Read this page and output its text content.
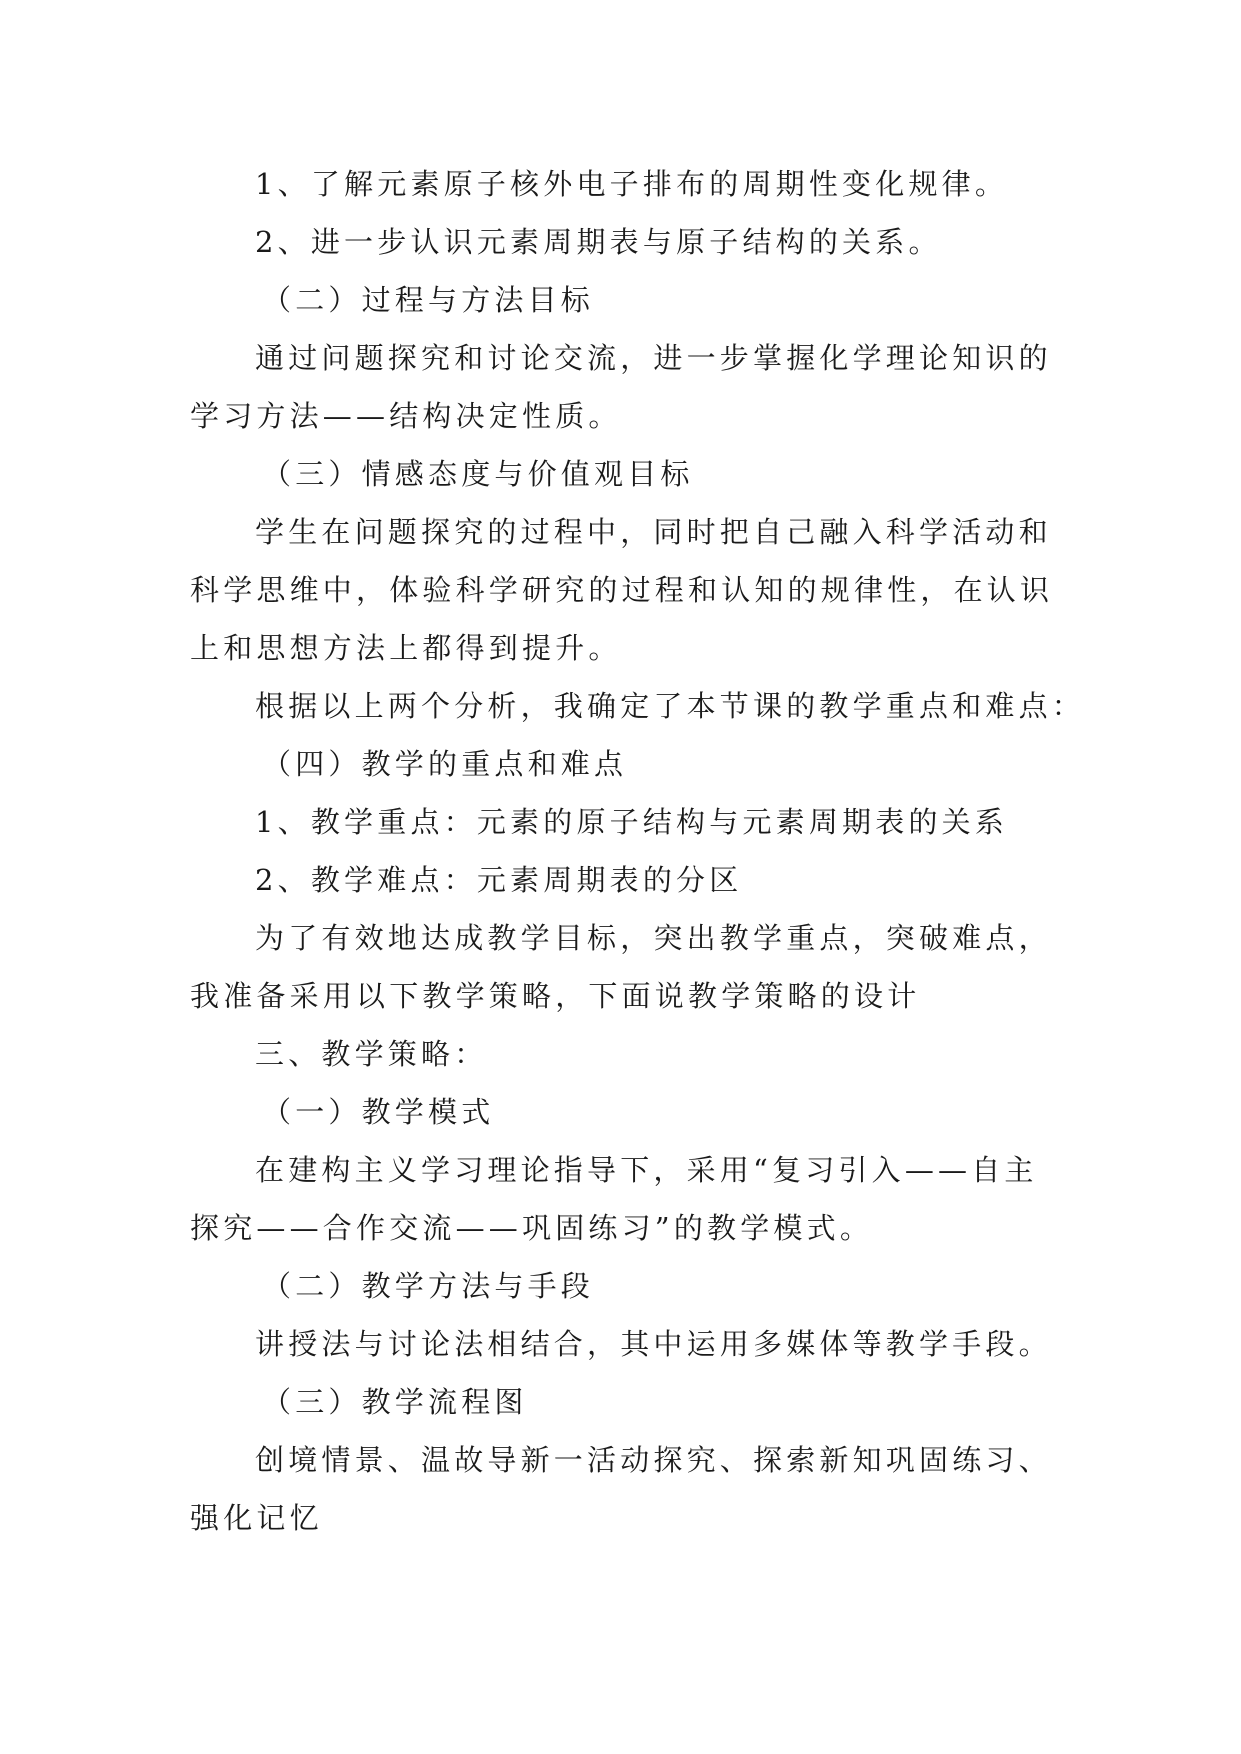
1、了解元素原子核外电子排布的周期性变化规律。
2、进一步认识元素周期表与原子结构的关系。
（二）过程与方法目标
通过问题探究和讨论交流，进一步掌握化学理论知识的
学习方法——结构决定性质。
（三）情感态度与价值观目标
学生在问题探究的过程中，同时把自己融入科学活动和
科学思维中，体验科学研究的过程和认知的规律性，在认识
上和思想方法上都得到提升。
根据以上两个分析，我确定了本节课的教学重点和难点：
（四）教学的重点和难点
1、教学重点：元素的原子结构与元素周期表的关系
2、教学难点：元素周期表的分区
为了有效地达成教学目标，突出教学重点，突破难点，
我准备采用以下教学策略，下面说教学策略的设计
三、教学策略：
（一）教学模式
在建构主义学习理论指导下，采用“复习引入——自主
探究——合作交流——巩固练习”的教学模式。
（二）教学方法与手段
讲授法与讨论法相结合，其中运用多媒体等教学手段。
（三）教学流程图
创境情景、温故导新一活动探究、探索新知巩固练习、
强化记忆
